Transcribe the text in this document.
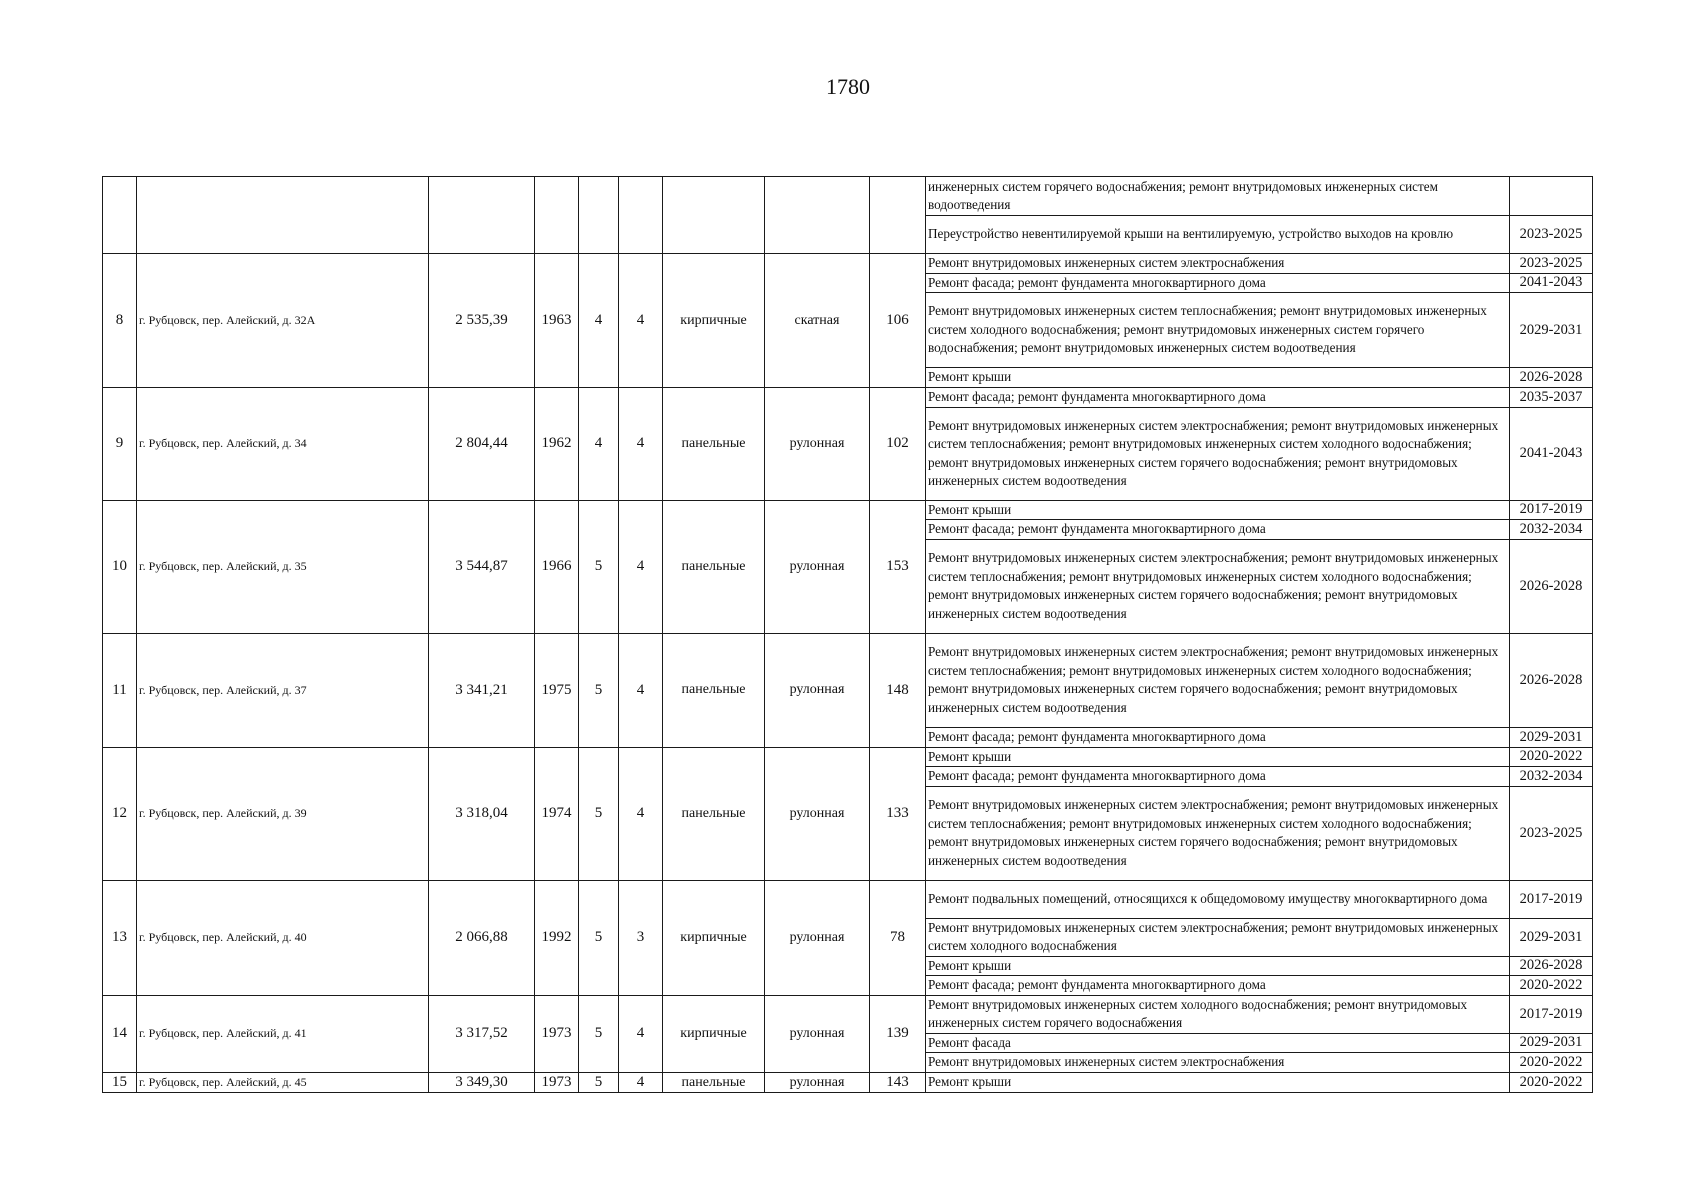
1780
									инженерных систем горячего водоснабжения; ремонт внутридомовых инженерных систем водоотведения	
									Переустройство невентилируемой крыши на вентилируемую, устройство выходов на кровлю	2023-2025
8	г. Рубцовск, пер. Алейский, д. 32А	2 535,39	1963	4	4	кирпичные	скатная	106	Ремонт внутридомовых инженерных систем электроснабжения	2023-2025
									Ремонт фасада; ремонт фундамента многоквартирного дома	2041-2043
									Ремонт внутридомовых инженерных систем теплоснабжения; ремонт внутридомовых инженерных систем холодного водоснабжения; ремонт внутридомовых инженерных систем горячего водоснабжения; ремонт внутридомовых инженерных систем водоотведения	2029-2031
									Ремонт крыши	2026-2028
9	г. Рубцовск, пер. Алейский, д. 34	2 804,44	1962	4	4	панельные	рулонная	102	Ремонт фасада; ремонт фундамента многоквартирного дома	2035-2037
									Ремонт внутридомовых инженерных систем электроснабжения; ремонт внутридомовых инженерных систем теплоснабжения; ремонт внутридомовых инженерных систем холодного водоснабжения; ремонт внутридомовых инженерных систем горячего водоснабжения; ремонт внутридомовых инженерных систем водоотведения	2041-2043
10	г. Рубцовск, пер. Алейский, д. 35	3 544,87	1966	5	4	панельные	рулонная	153	Ремонт крыши	2017-2019
									Ремонт фасада; ремонт фундамента многоквартирного дома	2032-2034
									Ремонт внутридомовых инженерных систем электроснабжения; ремонт внутридомовых инженерных систем теплоснабжения; ремонт внутридомовых инженерных систем холодного водоснабжения; ремонт внутридомовых инженерных систем горячего водоснабжения; ремонт внутридомовых инженерных систем водоотведения	2026-2028
11	г. Рубцовск, пер. Алейский, д. 37	3 341,21	1975	5	4	панельные	рулонная	148	Ремонт внутридомовых инженерных систем электроснабжения; ремонт внутридомовых инженерных систем теплоснабжения; ремонт внутридомовых инженерных систем холодного водоснабжения; ремонт внутридомовых инженерных систем горячего водоснабжения; ремонт внутридомовых инженерных систем водоотведения	2026-2028
									Ремонт фасада; ремонт фундамента многоквартирного дома	2029-2031
12	г. Рубцовск, пер. Алейский, д. 39	3 318,04	1974	5	4	панельные	рулонная	133	Ремонт крыши	2020-2022
									Ремонт фасада; ремонт фундамента многоквартирного дома	2032-2034
									Ремонт внутридомовых инженерных систем электроснабжения; ремонт внутридомовых инженерных систем теплоснабжения; ремонт внутридомовых инженерных систем холодного водоснабжения; ремонт внутридомовых инженерных систем горячего водоснабжения; ремонт внутридомовых инженерных систем водоотведения	2023-2025
13	г. Рубцовск, пер. Алейский, д. 40	2 066,88	1992	5	3	кирпичные	рулонная	78	Ремонт подвальных помещений, относящихся к общедомовому имуществу многоквартирного дома	2017-2019
									Ремонт внутридомовых инженерных систем электроснабжения; ремонт внутридомовых инженерных систем холодного водоснабжения	2029-2031
									Ремонт крыши	2026-2028
									Ремонт фасада; ремонт фундамента многоквартирного дома	2020-2022
14	г. Рубцовск, пер. Алейский, д. 41	3 317,52	1973	5	4	кирпичные	рулонная	139	Ремонт внутридомовых инженерных систем холодного водоснабжения; ремонт внутридомовых инженерных систем горячего водоснабжения	2017-2019
									Ремонт фасада	2029-2031
									Ремонт внутридомовых инженерных систем электроснабжения	2020-2022
15	г. Рубцовск, пер. Алейский, д. 45	3 349,30	1973	5	4	панельные	рулонная	143	Ремонт крыши	2020-2022
